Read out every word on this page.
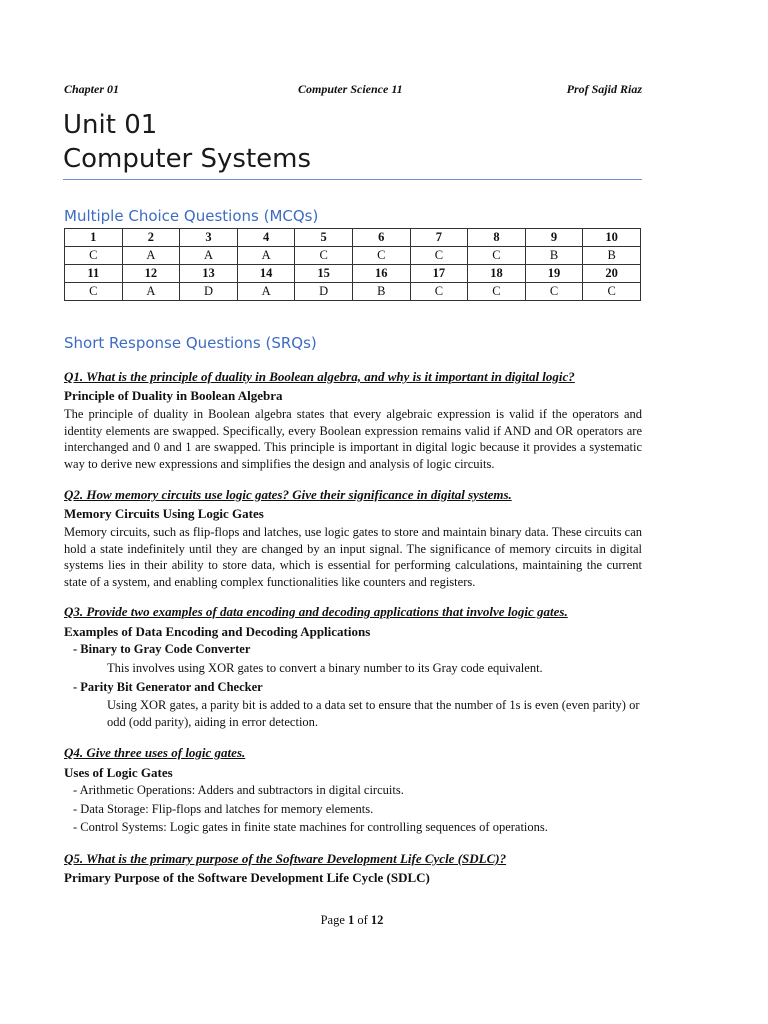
Chapter 01	Computer Science 11	Prof Sajid Riaz
Unit 01
Computer Systems
Multiple Choice Questions (MCQs)
1	2	3	4	5	6	7	8	9	10
C	A	A	A	C	C	C	C	B	B
11	12	13	14	15	16	17	18	19	20
C	A	D	A	D	B	C	C	C	C
Short Response Questions (SRQs)
Q1. What is the principle of duality in Boolean algebra, and why is it important in digital logic?
Principle of Duality in Boolean Algebra
The principle of duality in Boolean algebra states that every algebraic expression is valid if the operators and identity elements are swapped. Specifically, every Boolean expression remains valid if AND and OR operators are interchanged and 0 and 1 are swapped. This principle is important in digital logic because it provides a systematic way to derive new expressions and simplifies the design and analysis of logic circuits.
Q2. How memory circuits use logic gates? Give their significance in digital systems.
Memory Circuits Using Logic Gates
Memory circuits, such as flip-flops and latches, use logic gates to store and maintain binary data. These circuits can hold a state indefinitely until they are changed by an input signal. The significance of memory circuits in digital systems lies in their ability to store data, which is essential for performing calculations, maintaining the current state of a system, and enabling complex functionalities like counters and registers.
Q3. Provide two examples of data encoding and decoding applications that involve logic gates.
Examples of Data Encoding and Decoding Applications
- Binary to Gray Code Converter
This involves using XOR gates to convert a binary number to its Gray code equivalent.
- Parity Bit Generator and Checker
Using XOR gates, a parity bit is added to a data set to ensure that the number of 1s is even (even parity) or odd (odd parity), aiding in error detection.
Q4. Give three uses of logic gates.
Uses of Logic Gates
- Arithmetic Operations: Adders and subtractors in digital circuits.
- Data Storage: Flip-flops and latches for memory elements.
- Control Systems: Logic gates in finite state machines for controlling sequences of operations.
Q5. What is the primary purpose of the Software Development Life Cycle (SDLC)?
Primary Purpose of the Software Development Life Cycle (SDLC)
Page 1 of 12
